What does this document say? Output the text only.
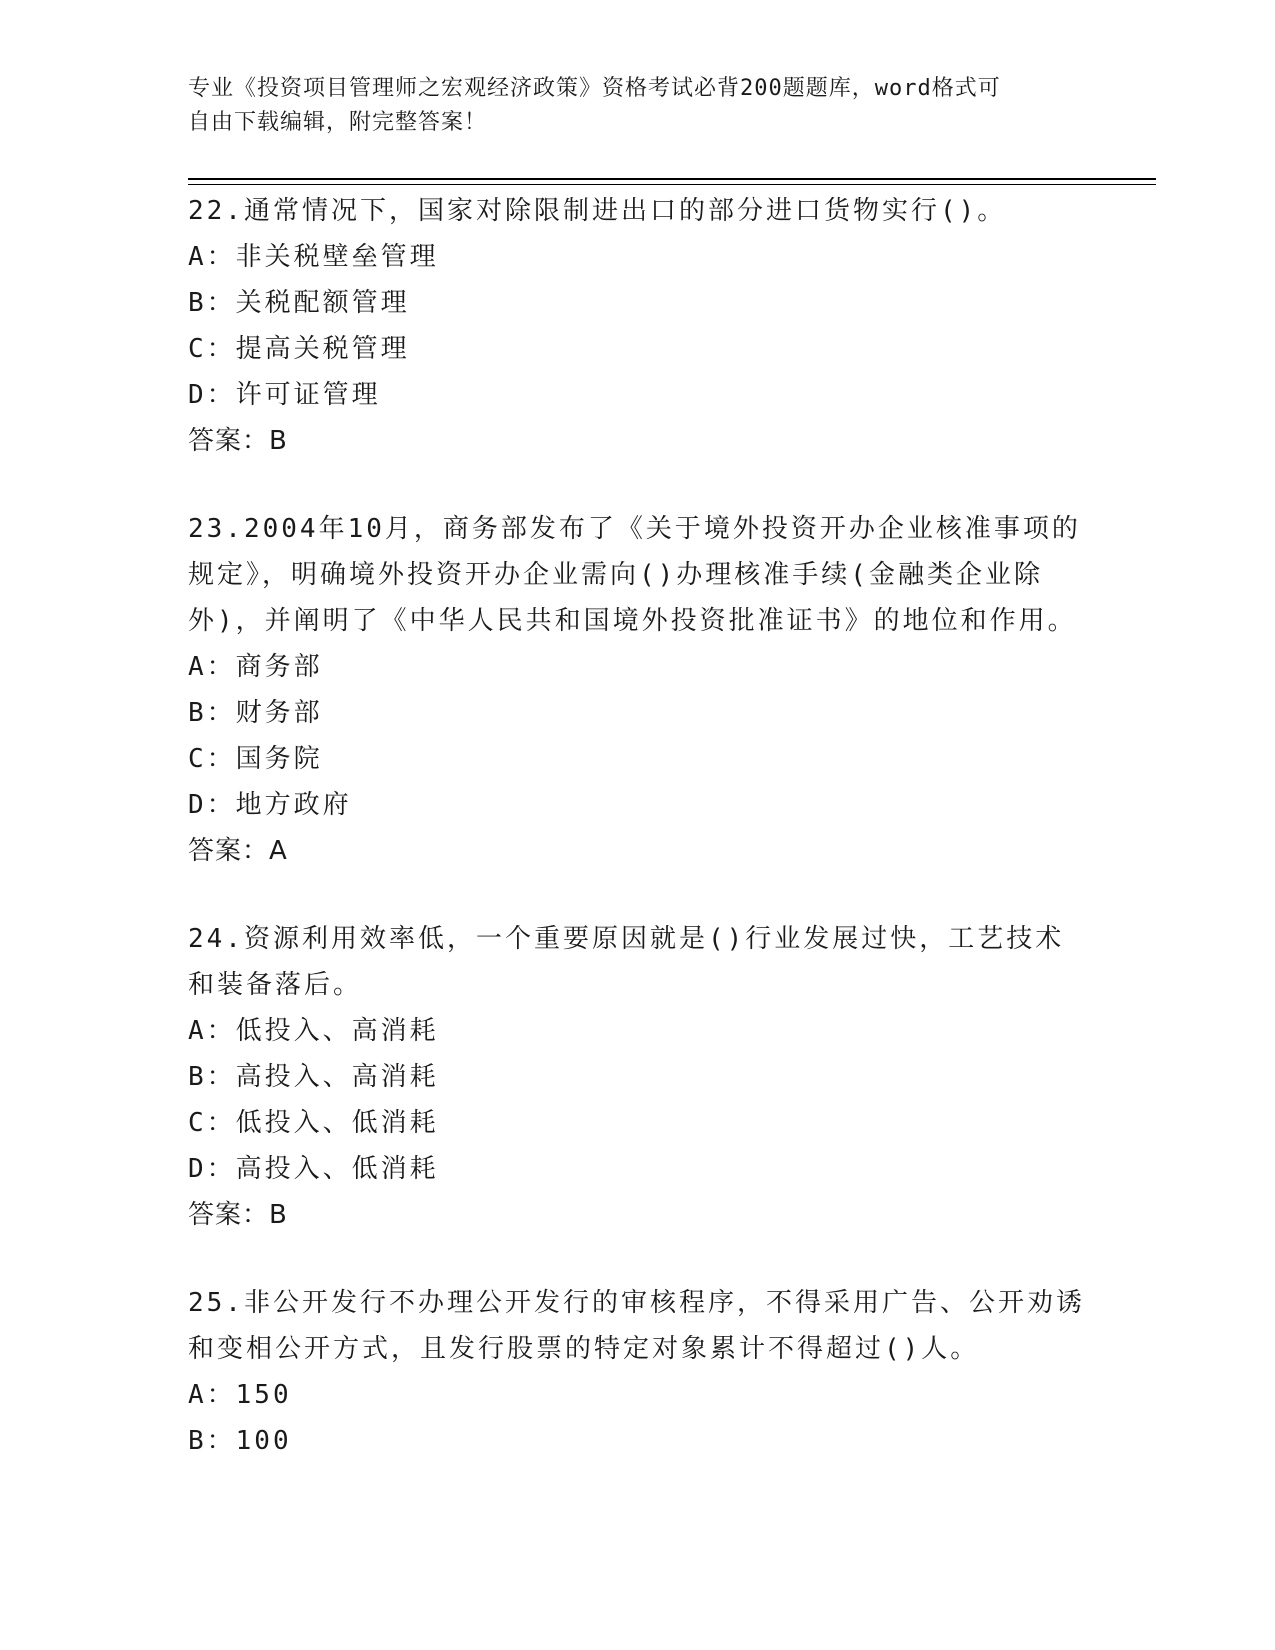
专业《投资项目管理师之宏观经济政策》资格考试必背200题题库，word格式可
自由下载编辑，附完整答案！
22.通常情况下，国家对除限制进出口的部分进口货物实行()。
A：非关税壁垒管理
B：关税配额管理
C：提高关税管理
D：许可证管理
答案：B
23.2004年10月，商务部发布了《关于境外投资开办企业核准事项的规定》，明确境外投资开办企业需向()办理核准手续(金融类企业除外)，并阐明了《中华人民共和国境外投资批准证书》的地位和作用。
A：商务部
B：财务部
C：国务院
D：地方政府
答案：A
24.资源利用效率低，一个重要原因就是()行业发展过快，工艺技术和装备落后。
A：低投入、高消耗
B：高投入、高消耗
C：低投入、低消耗
D：高投入、低消耗
答案：B
25.非公开发行不办理公开发行的审核程序，不得采用广告、公开劝诱和变相公开方式，且发行股票的特定对象累计不得超过()人。
A：150
B：100
